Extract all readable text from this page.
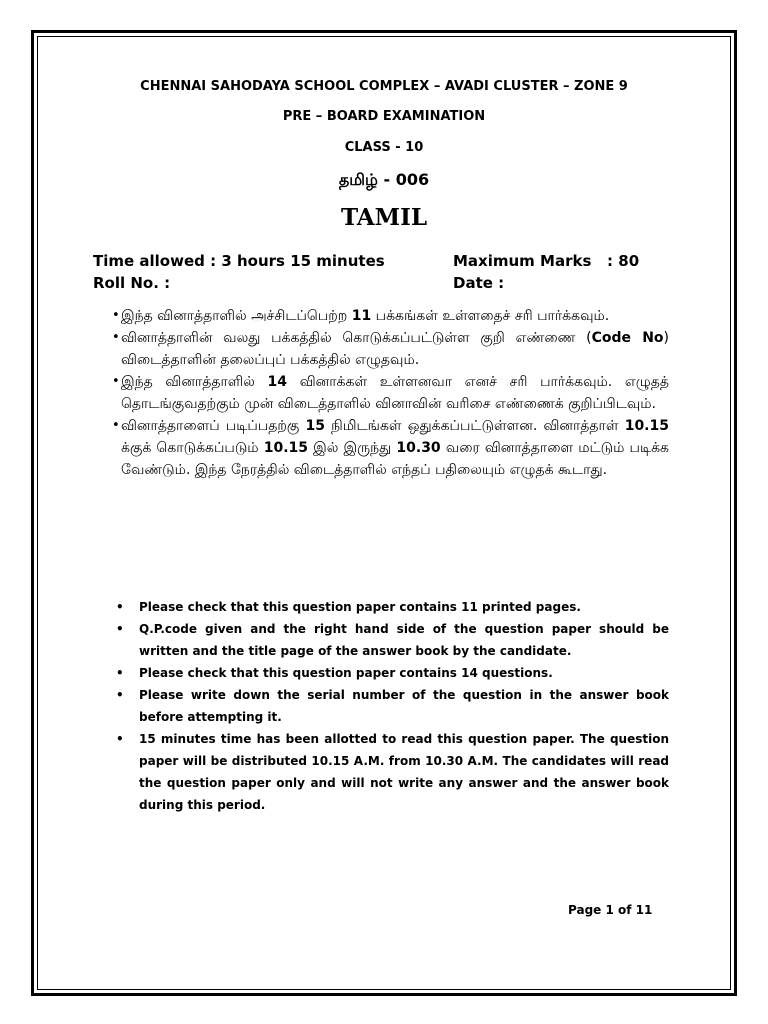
CHENNAI SAHODAYA SCHOOL COMPLEX – AVADI CLUSTER – ZONE 9
PRE – BOARD EXAMINATION
CLASS - 10
தமிழ் - 006
TAMIL
Time allowed : 3 hours 15 minutes	Maximum Marks   : 80
Roll No. :	Date :
• இந்த வினாத்தாளில் அச்சிடப்பெற்ற 11 பக்கங்கள் உள்ளதைச் சரி பார்க்கவும்.
• வினாத்தாளின் வலது பக்கத்தில் கொடுக்கப்பட்டுள்ள குறி எண்ணை (Code No) விடைத்தாளின் தலைப்புப் பக்கத்தில் எழுதவும்.
• இந்த வினாத்தாளில் 14 வினாக்கள் உள்ளனவா எனச் சரி பார்க்கவும். எழுதத் தொடங்குவதற்கும் முன் விடைத்தாளில் வினாவின் வரிசை எண்ணைக் குறிப்பிடவும்.
• வினாத்தாளைப் படிப்பதற்கு 15 நிமிடங்கள் ஒதுக்கப்பட்டுள்ளன. வினாத்தாள் 10.15 க்குக் கொடுக்கப்படும் 10.15 இல் இருந்து 10.30 வரை வினாத்தாளை மட்டும் படிக்க வேண்டும். இந்த நேரத்தில் விடைத்தாளில் எந்தப் பதிலையும் எழுதக் கூடாது.
• Please check that this question paper contains 11 printed pages.
• Q.P.code given and the right hand side of the question paper should be written and the title page of the answer book by the candidate.
• Please check that this question paper contains 14 questions.
• Please write down the serial number of the question in the answer book before attempting it.
• 15 minutes time has been allotted to read this question paper. The question paper will be distributed 10.15 A.M. from 10.30 A.M. The candidates will read the question paper only and will not write any answer and the answer book during this period.
Page 1 of 11
